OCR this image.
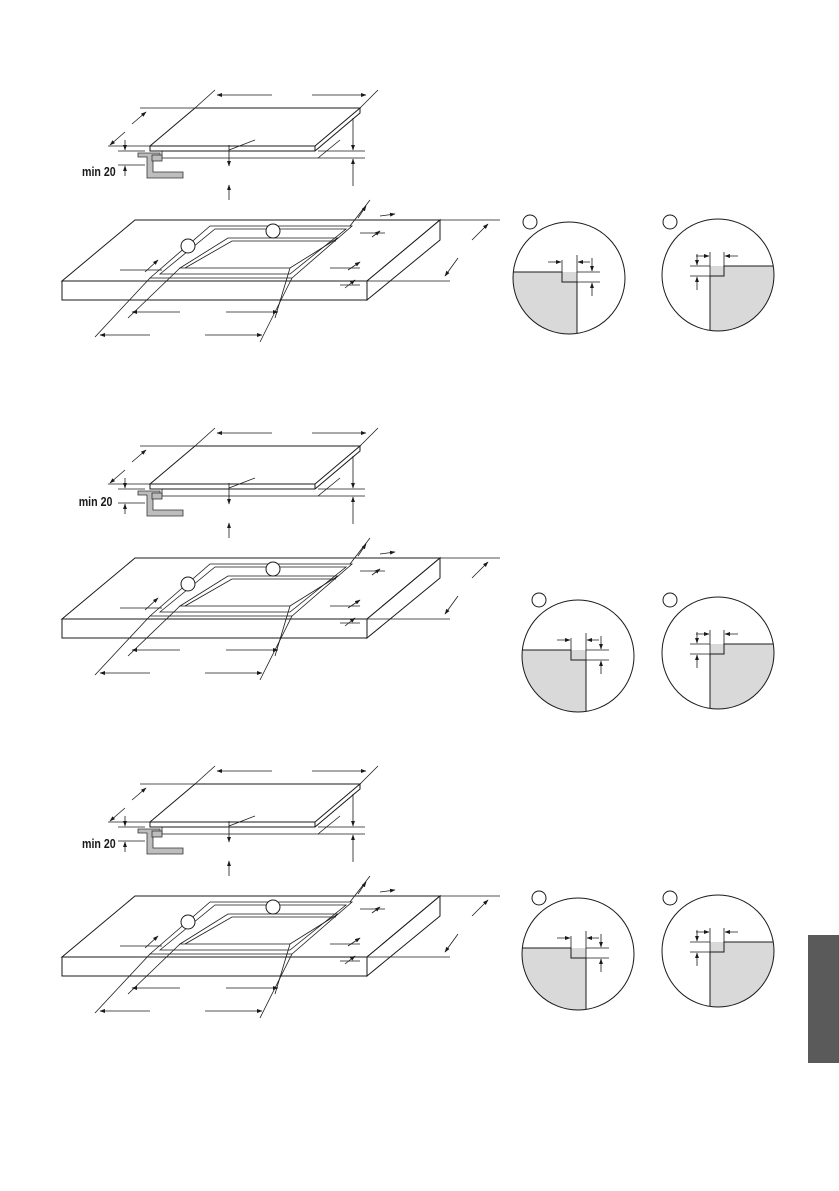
min 20
min 20
min 20
